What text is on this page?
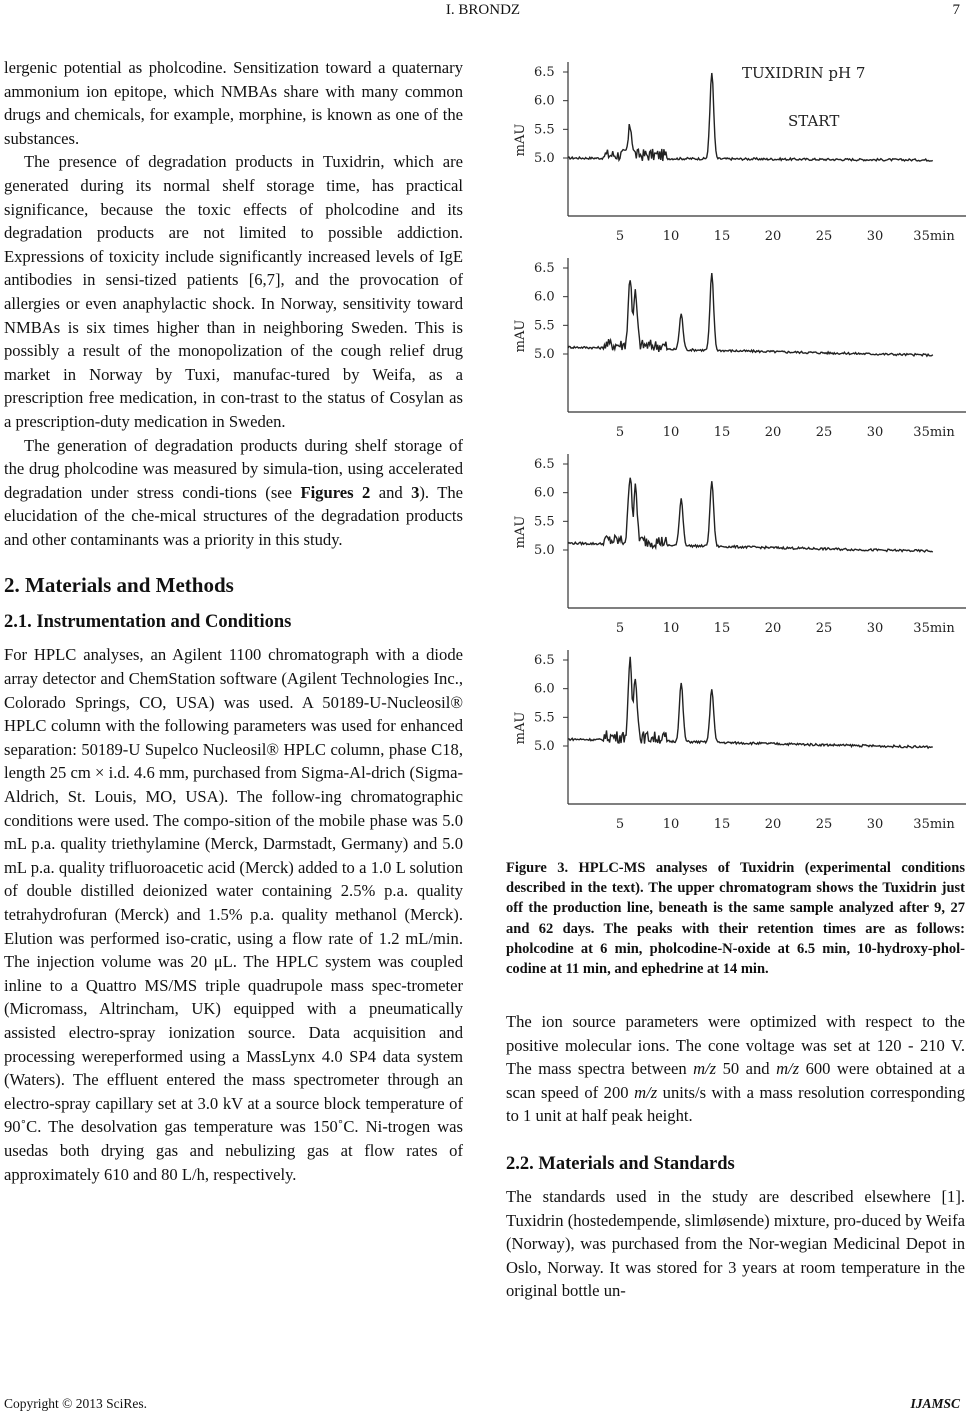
I. BRONDZ	7

lergenic potential as pholcodine. Sensitization toward a quaternary ammonium ion epitope, which NMBAs share with many common drugs and chemicals, for example, morphine, is known as one of the substances.

The presence of degradation products in Tuxidrin, which are generated during its normal shelf storage time, has practical significance, because the toxic effects of pholcodine and its degradation products are not limited to possible addiction. Expressions of toxicity include significantly increased levels of IgE antibodies in sensi-tized patients [6,7], and the provocation of allergies or even anaphylactic shock. In Norway, sensitivity toward NMBAs is six times higher than in neighboring Sweden. This is possibly a result of the monopolization of the cough relief drug market in Norway by Tuxi, manufac-tured by Weifa, as a prescription free medication, in con-trast to the status of Cosylan as a prescription-duty medication in Sweden.

The generation of degradation products during shelf storage of the drug pholcodine was measured by simula-tion, using accelerated degradation under stress condi-tions (see Figures 2 and 3). The elucidation of the che-mical structures of the degradation products and other contaminants was a priority in this study.

2. Materials and Methods
2.1. Instrumentation and Conditions

For HPLC analyses, an Agilent 1100 chromatograph with a diode array detector and ChemStation software (Agilent Technologies Inc., Colorado Springs, CO, USA) was used. A 50189-U-Nucleosil® HPLC column with the following parameters was used for enhanced separation: 50189-U Supelco Nucleosil® HPLC column, phase C18, length 25 cm × i.d. 4.6 mm, purchased from Sigma-Al-drich (Sigma-Aldrich, St. Louis, MO, USA). The follow-ing chromatographic conditions were used. The compo-sition of the mobile phase was 5.0 mL p.a. quality triethylamine (Merck, Darmstadt, Germany) and 5.0 mL p.a. quality trifluoroacetic acid (Merck) added to a 1.0 L solution of double distilled deionized water containing 2.5% p.a. quality tetrahydrofuran (Merck) and 1.5% p.a. quality methanol (Merck). Elution was performed iso-cratic, using a flow rate of 1.2 mL/min. The injection volume was 20 μL. The HPLC system was coupled inline to a Quattro MS/MS triple quadrupole mass spec-trometer (Micromass, Altrincham, UK) equipped with a pneumatically assisted electro-spray ionization source. Data acquisition and processing wereperformed using a MassLynx 4.0 SP4 data system (Waters). The effluent entered the mass spectrometer through an electro-spray capillary set at 3.0 kV at a source block temperature of 90˚C. The desolvation gas temperature was 150˚C. Ni-trogen was usedas both drying gas and nebulizing gas at flow rates of approximately 610 and 80 L/h, respectively.

6.5
6.0
5.5
5.0
mAU
5	10	15	20	25	30 35min
TUXIDRIN pH 7
START
6.5
6.0
5.5
5.0
mAU
5	10	15	20	25	30 35min
6.5
6.0
5.5
5.0
mAU
5	10	15	20	25	30 35min
6.5
6.0
5.5
5.0
mAU
5	10	15	20	25	30 35min

Figure 3. HPLC-MS analyses of Tuxidrin (experimental conditions described in the text). The upper chromatogram shows the Tuxidrin just off the production line, beneath is the same sample analyzed after 9, 27 and 62 days. The peaks with their retention times are as follows: pholcodine at 6 min, pholcodine-N-oxide at 6.5 min, 10-hydroxy-phol-codine at 11 min, and ephedrine at 14 min.

The ion source parameters were optimized with respect to the positive molecular ions. The cone voltage was set at 120 - 210 V. The mass spectra between m/z 50 and m/z 600 were obtained at a scan speed of 200 m/z units/s with a mass resolution corresponding to 1 unit at half peak height.

2.2. Materials and Standards

The standards used in the study are described elsewhere [1]. Tuxidrin (hostedempende, slimløsende) mixture, pro-duced by Weifa (Norway), was purchased from the Nor-wegian Medicinal Depot in Oslo, Norway. It was stored for 3 years at room temperature in the original bottle un-

Copyright © 2013 SciRes.	IJAMSC
